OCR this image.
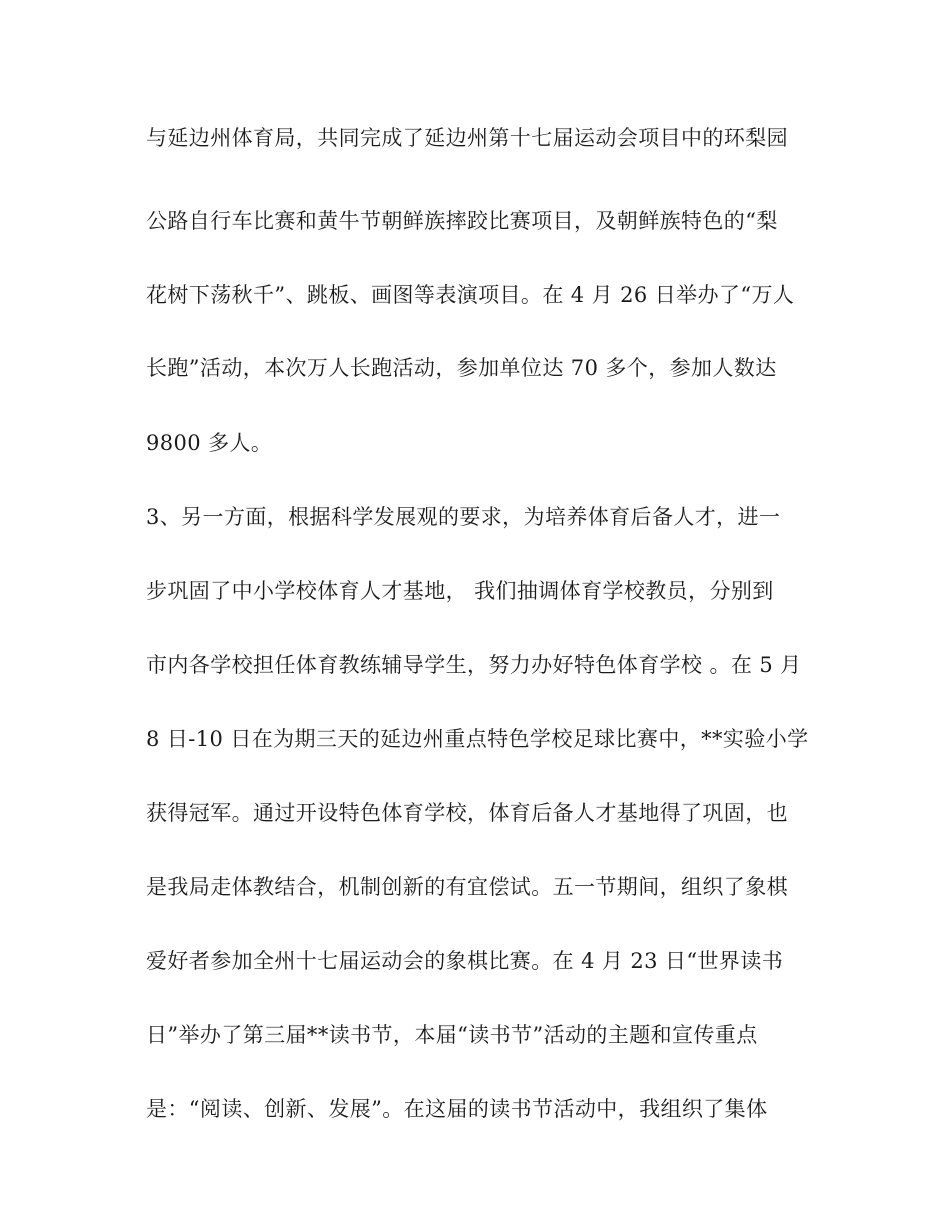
与延边州体育局，共同完成了延边州第十七届运动会项目中的环梨园
公路自行车比赛和黄牛节朝鲜族摔跤比赛项目，及朝鲜族特色的“梨
花树下荡秋千”、跳板、画图等表演项目。在 4 月 26 日举办了“万人
长跑”活动，本次万人长跑活动，参加单位达 70 多个，参加人数达
9800 多人。
3、另一方面，根据科学发展观的要求，为培养体育后备人才，进一
步巩固了中小学校体育人才基地， 我们抽调体育学校教员，分别到
市内各学校担任体育教练辅导学生，努力办好特色体育学校 。在 5 月
8 日-10 日在为期三天的延边州重点特色学校足球比赛中，**实验小学
获得冠军。通过开设特色体育学校，体育后备人才基地得了巩固，也
是我局走体教结合，机制创新的有宜偿试。五一节期间，组织了象棋
爱好者参加全州十七届运动会的象棋比赛。在 4 月 23 日“世界读书
日”举办了第三届**读书节，本届“读书节”活动的主题和宣传重点
是：“阅读、创新、发展”。在这届的读书节活动中，我组织了集体
